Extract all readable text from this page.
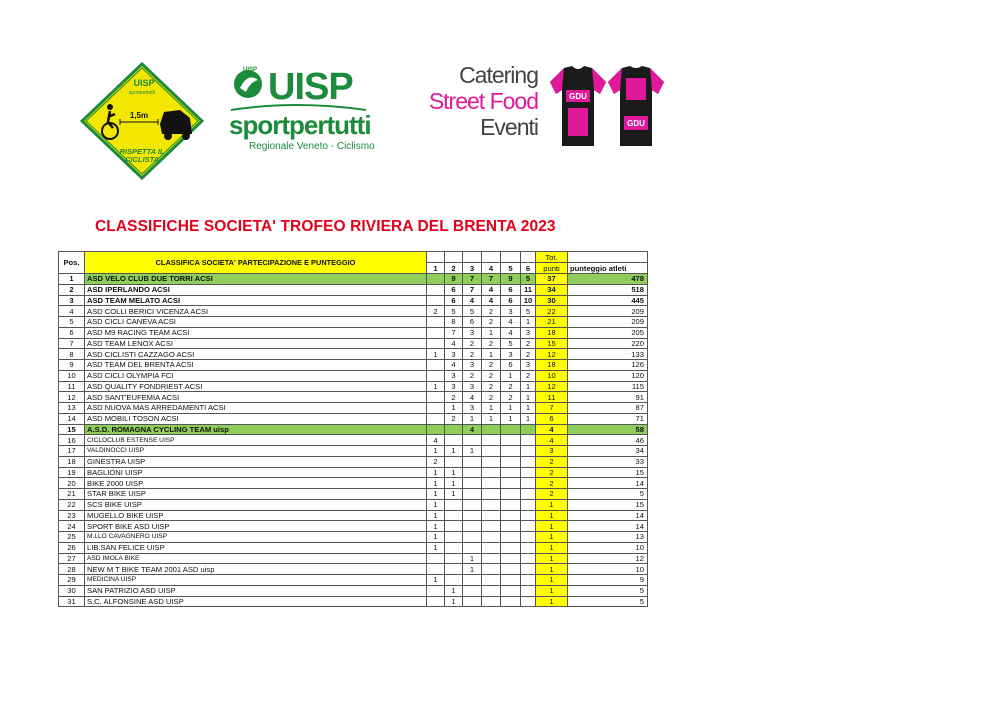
UISP
sportpertutti
1,5m
RISPETTA IL
CICLISTA
UISP UISP
sportpertutti
Regionale Veneto - Ciclismo
Catering
Street Food
Eventi
GDU
GDU
CLASSIFICHE SOCIETA' TROFEO RIVIERA DEL BRENTA 2023
Pos.	CLASSIFICA SOCIETA' PARTECIPAZIONE E PUNTEGGIO								Tot.	
			1	2	3	4	5	6	punti	punteggio atleti
1	ASD VELO CLUB DUE TORRI ACSI			9	7	7	9	5	37	478
2	ASD IPERLANDO ACSI			6	7	4	6	11	34	518
3	ASD TEAM MELATO ACSI			6	4	4	6	10	30	445
4	ASD COLLI BERICI VICENZA ACSI		2	5	5	2	3	5	22	209
5	ASD CICLI CANEVA ACSI			8	6	2	4	1	21	209
6	ASD M9 RACING TEAM ACSI			7	3	1	4	3	18	205
7	ASD TEAM LENOX ACSI			4	2	2	5	2	15	220
8	ASD CICLISTI CAZZAGO ACSI		1	3	2	1	3	2	12	133
9	ASD TEAM DEL BRENTA ACSI			4	3	2	6	3	18	126
10	ASD CICLI OLYMPIA FCI			3	2	2	1	2	10	120
11	ASD QUALITY FONDRIEST ACSI		1	3	3	2	2	1	12	115
12	ASD SANT'EUFEMIA ACSI			2	4	2	2	1	11	91
13	ASD NUOVA MAS ARREDAMENTI ACSI			1	3	1	1	1	7	87
14	ASD MOBILI TOSON ACSI			2	1	1	1	1	6	71
15	A.S.D. ROMAGNA CYCLING TEAM uisp				4				4	58
16	CICLOCLUB ESTENSE UISP		4						4	46
17	VALDINOCCI UISP		1	1	1				3	34
18	GINESTRA UISP		2						2	33
19	BAGLIONI UISP		1	1					2	15
20	BIKE 2000 UISP		1	1					2	14
21	STAR BIKE UISP		1	1					2	5
22	SCS BIKE UISP		1						1	15
23	MUGELLO BIKE UISP		1						1	14
24	SPORT BIKE ASD UISP		1						1	14
25	M.LLO CAVAGNERO UISP		1						1	13
26	LIB.SAN FELICE UISP		1						1	10
27	ASD IMOLA BIKE				1				1	12
28	NEW M T BIKE TEAM 2001 ASD uisp				1				1	10
29	MEDICINA UISP		1						1	9
30	SAN PATRIZIO ASD UISP			1					1	5
31	S.C. ALFONSINE ASD UISP			1					1	5
